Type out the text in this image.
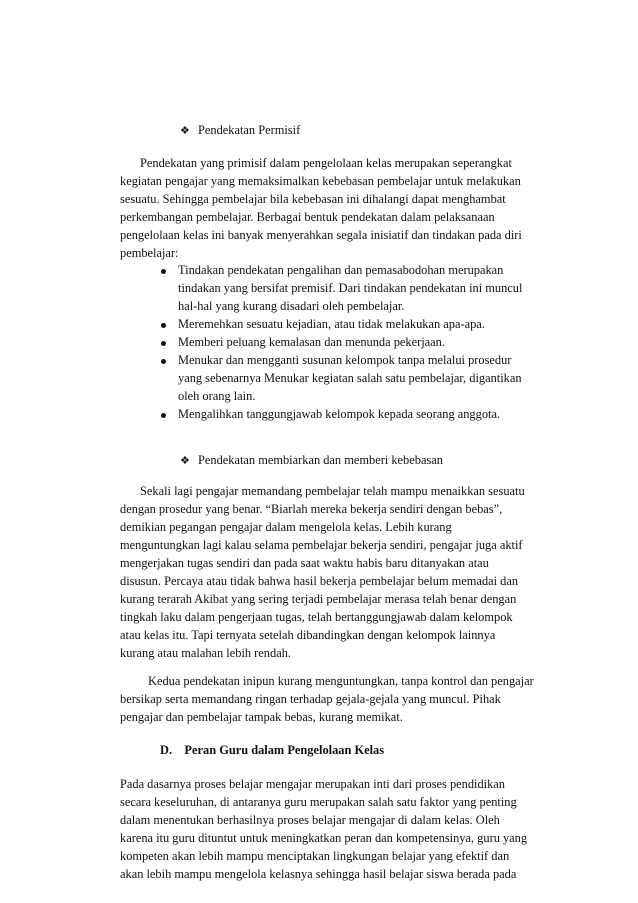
❖ Pendekatan Permisif

Pendekatan yang primisif dalam pengelolaan kelas merupakan seperangkat

kegiatan pengajar yang memaksimalkan kebebasan pembelajar untuk melakukan

sesuatu. Sehingga pembelajar bila kebebasan ini dihalangi dapat menghambat

perkembangan pembelajar. Berbagai bentuk pendekatan dalam pelaksanaan

pengelolaan kelas ini banyak menyerahkan segala inisiatif dan tindakan pada diri

pembelajar:

Tindakan pendekatan pengalihan dan pemasabodohan merupakan

tindakan yang bersifat premisif. Dari tindakan pendekatan ini muncul

hal-hal yang kurang disadari oleh pembelajar.

Meremehkan sesuatu kejadian, atau tidak melakukan apa-apa.

Memberi peluang kemalasan dan menunda pekerjaan.

Menukar dan mengganti susunan kelompok tanpa melalui prosedur

yang sebenarnya Menukar kegiatan salah satu pembelajar, digantikan

oleh orang lain.

Mengalihkan tanggungjawab kelompok kepada seorang anggota.

❖ Pendekatan membiarkan dan memberi kebebasan

Sekali lagi pengajar memandang pembelajar telah mampu menaikkan sesuatu

dengan prosedur yang benar. “Biarlah mereka bekerja sendiri dengan bebas”,

demikian pegangan pengajar dalam mengelola kelas. Lebih kurang

menguntungkan lagi kalau selama pembelajar bekerja sendiri, pengajar juga aktif

mengerjakan tugas sendiri dan pada saat waktu habis baru ditanyakan atau

disusun. Percaya atau tidak bahwa hasil bekerja pembelajar belum memadai dan

kurang terarah Akibat yang sering terjadi pembelajar merasa telah benar dengan

tingkah laku dalam pengerjaan tugas, telah bertanggungjawab dalam kelompok

atau kelas itu. Tapi ternyata setelah dibandingkan dengan kelompok lainnya

kurang atau malahan lebih rendah.

Kedua pendekatan inipun kurang menguntungkan, tanpa kontrol dan pengajar

bersikap serta memandang ringan terhadap gejala-gejala yang muncul. Pihak

pengajar dan pembelajar tampak bebas, kurang memikat.

D.    Peran Guru dalam Pengelolaan Kelas

Pada dasarnya proses belajar mengajar merupakan inti dari proses pendidikan

secara keseluruhan, di antaranya guru merupakan salah satu faktor yang penting

dalam menentukan berhasilnya proses belajar mengajar di dalam kelas. Oleh

karena itu guru dituntut untuk meningkatkan peran dan kompetensinya, guru yang

kompeten akan lebih mampu menciptakan lingkungan belajar yang efektif dan

akan lebih mampu mengelola kelasnya sehingga hasil belajar siswa berada pada
